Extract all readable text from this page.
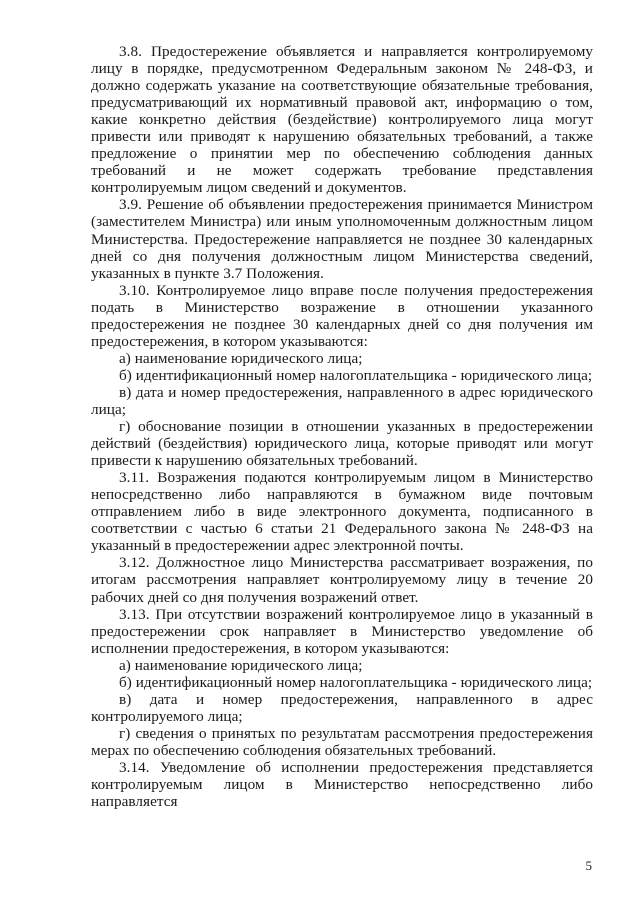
3.8. Предостережение объявляется и направляется контролируемому лицу в порядке, предусмотренном Федеральным законом № 248-ФЗ, и должно содержать указание на соответствующие обязательные требования, предусматривающий их нормативный правовой акт, информацию о том, какие конкретно действия (бездействие) контролируемого лица могут привести или приводят к нарушению обязательных требований, а также предложение о принятии мер по обеспечению соблюдения данных требований и не может содержать требование представления контролируемым лицом сведений и документов.

3.9. Решение об объявлении предостережения принимается Министром (заместителем Министра) или иным уполномоченным должностным лицом Министерства. Предостережение направляется не позднее 30 календарных дней со дня получения должностным лицом Министерства сведений, указанных в пункте 3.7 Положения.

3.10. Контролируемое лицо вправе после получения предостережения подать в Министерство возражение в отношении указанного предостережения не позднее 30 календарных дней со дня получения им предостережения, в котором указываются:

а) наименование юридического лица;

б) идентификационный номер налогоплательщика - юридического лица;

в) дата и номер предостережения, направленного в адрес юридического лица;

г) обоснование позиции в отношении указанных в предостережении действий (бездействия) юридического лица, которые приводят или могут привести к нарушению обязательных требований.

3.11. Возражения подаются контролируемым лицом в Министерство непосредственно либо направляются в бумажном виде почтовым отправлением либо в виде электронного документа, подписанного в соответствии с частью 6 статьи 21 Федерального закона № 248-ФЗ на указанный в предостережении адрес электронной почты.

3.12. Должностное лицо Министерства рассматривает возражения, по итогам рассмотрения направляет контролируемому лицу в течение 20 рабочих дней со дня получения возражений ответ.

3.13. При отсутствии возражений контролируемое лицо в указанный в предостережении срок направляет в Министерство уведомление об исполнении предостережения, в котором указываются:

а) наименование юридического лица;

б) идентификационный номер налогоплательщика - юридического лица;

в) дата и номер предостережения, направленного в адрес контролируемого лица;

г) сведения о принятых по результатам рассмотрения предостережения мерах по обеспечению соблюдения обязательных требований.

3.14. Уведомление об исполнении предостережения представляется контролируемым лицом в Министерство непосредственно либо направляется

5
